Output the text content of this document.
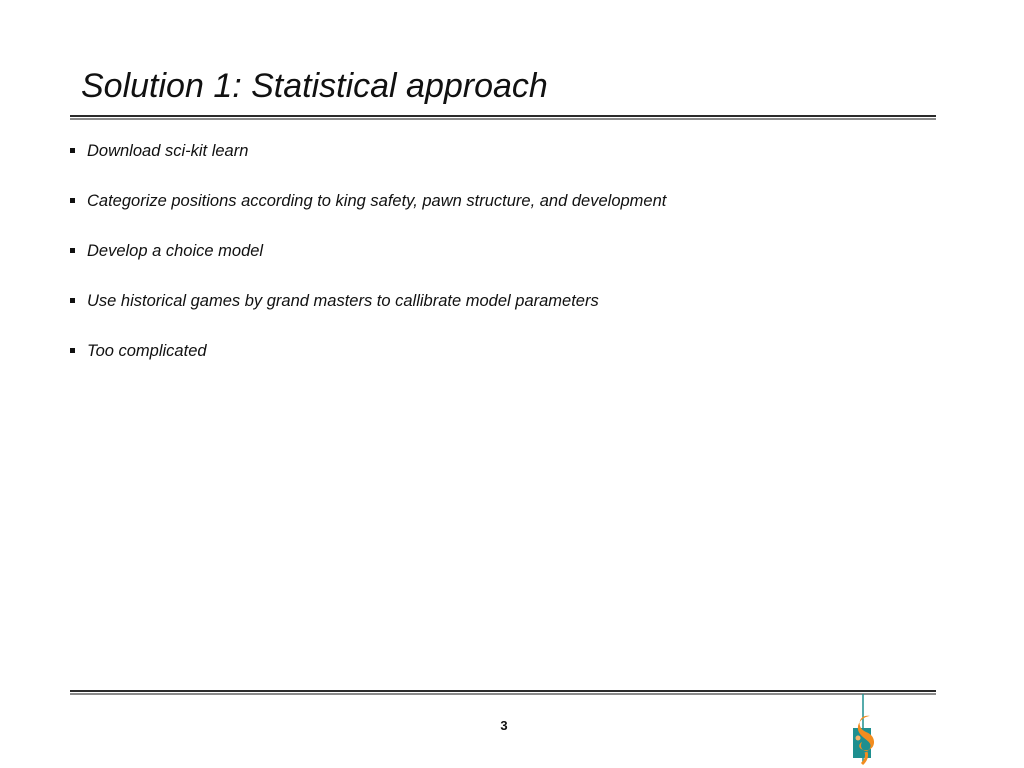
Solution 1: Statistical approach
Download sci-kit learn
Categorize positions according to king safety, pawn structure, and development
Develop a choice model
Use historical games by grand masters to callibrate model parameters
Too complicated
3
